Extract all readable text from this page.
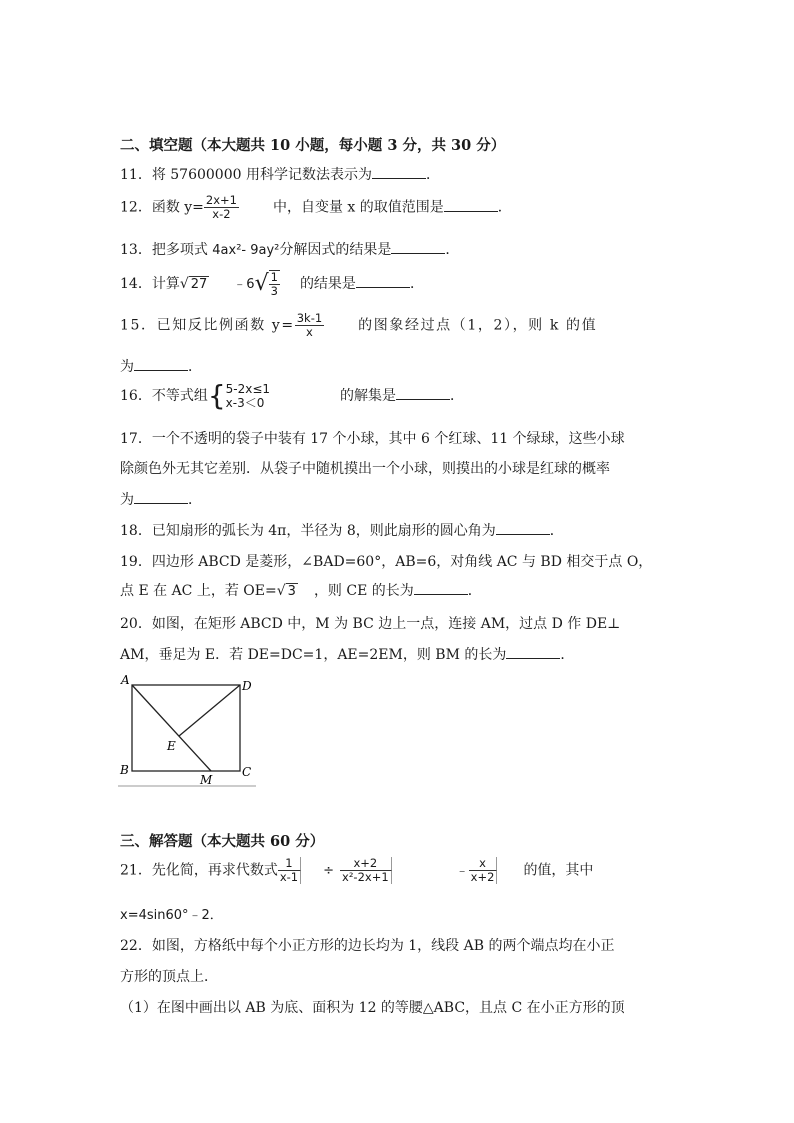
二、填空题（本大题共 10 小题，每小题 3 分，共 30 分）
11．将 57600000 用科学记数法表示为	．
12．函数 $y= \frac{2x+1}{x-2}$ 中，自变量 x 的取值范围是	．
13．把多项式 4ax²- 9ay²分解因式的结果是	．
14．计算√ 27 ﹣6√ $\frac{1}{3}$ 的结果是	．
15．已知反比例函数 $y= \frac{3k-1}{x}$ 的图象经过点（1，2），则 k 的值
为	．
16．不等式组{ 5-2x≤1
x-3＜0	的解集是	．
17．一个不透明的袋子中装有 17 个小球，其中 6 个红球、11 个绿球，这些小球
除颜色外无其它差别．从袋子中随机摸出一个小球，则摸出的小球是红球的概率
为	．
18．已知扇形的弧长为 4π，半径为 8，则此扇形的圆心角为	．
19．四边形 ABCD 是菱形，∠BAD=60°，AB=6，对角线 AC 与 BD 相交于点 O，
点 E 在 AC 上，若 OE=√ 3 ，则 CE 的长为	．
20．如图，在矩形 ABCD 中，M 为 BC 边上一点，连接 AM，过点 D 作 DE⊥
AM，垂足为 E．若 DE=DC=1，AE=2EM，则 BM 的长为	．
A	D
E
B	C
M
三、解答题（本大题共 60 分）
21．先化简，再求代数式 $\frac{1}{x-1} \div \frac{x+2}{\text{x²-2x+1}}$	﹣ $\frac{x}{x+2}$ 的值，其中
x=4sin60°﹣2．
22．如图，方格纸中每个小正方形的边长均为 1，线段 AB 的两个端点均在小正
方形的顶点上．
（1）在图中画出以 AB 为底、面积为 12 的等腰△ABC，且点 C 在小正方形的顶
